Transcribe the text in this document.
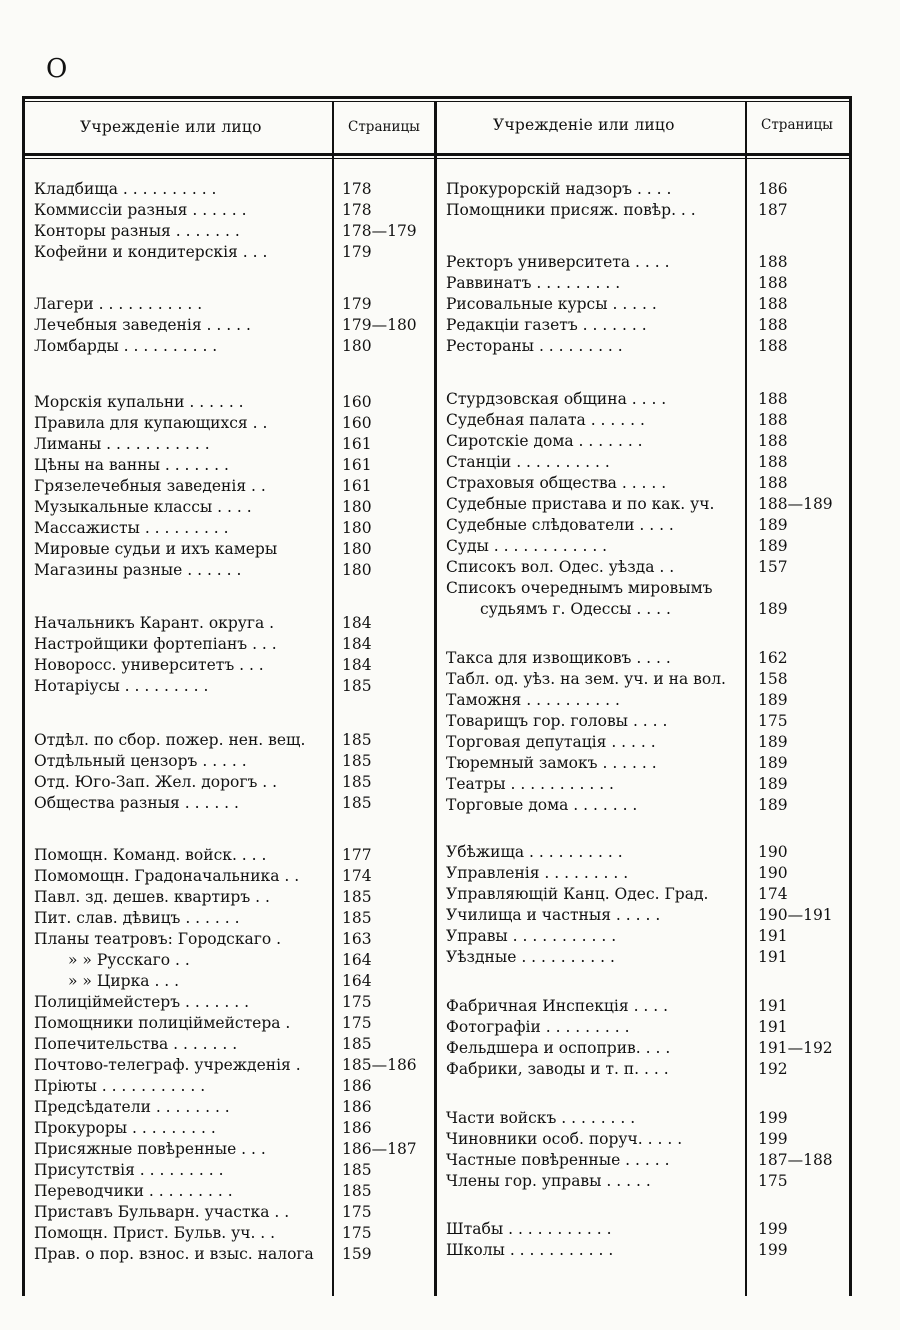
O
Учрежденіе или лицо	Страницы	Учрежденіе или лицо	Страницы
Кладбища . . . . . . . . . .	178
Коммиссіи разныя . . . . . .	178
Конторы разныя . . . . . . .	178—179
Кофейни и кондитерскія . . .	179
Лагери . . . . . . . . . . .	179
Лечебныя заведенія . . . . .	179—180
Ломбарды . . . . . . . . . .	180
Морскія купальни . . . . . .	160
Правила для купающихся . .	160
Лиманы . . . . . . . . . . .	161
Цѣны на ванны . . . . . . .	161
Грязелечебныя заведенія . .	161
Музыкальные классы . . . .	180
Массажисты . . . . . . . . .	180
Мировые судьи и ихъ камеры	180
Магазины разные . . . . . .	180
Начальникъ Карант. округа .	184
Настройщики фортепіанъ . . .	184
Новоросс. университетъ . . .	184
Нотаріусы . . . . . . . . .	185
Отдѣл. по сбор. пожер. нен. вещ.	185
Отдѣльный цензоръ . . . . .	185
Отд. Юго-Зап. Жел. дорогъ . .	185
Общества разныя . . . . . .	185
Помощн. Команд. войск. . . .	177
Помомощн. Градоначальника . .	174
Павл. зд. дешев. квартиръ . .	185
Пит. слав. дѣвицъ . . . . . .	185
Планы театровъ: Городскаго .	163
» » Русскаго . .	164
» » Цирка . . .	164
Полицiймейстеръ . . . . . . .	175
Помощники полицiймейстера .	175
Попечительства . . . . . . .	185
Почтово-телеграф. учрежденія .	185—186
Пріюты . . . . . . . . . . .	186
Предсѣдатели . . . . . . . .	186
Прокуроры . . . . . . . . .	186
Присяжные повѣренные . . .	186—187
Присутствія . . . . . . . . .	185
Переводчики . . . . . . . . .	185
Приставъ Бульварн. участка . .	175
Помощн. Прист. Бульв. уч. . .	175
Прав. о пор. взнос. и взыс. налога	159
Прокурорскій надзоръ . . . .	186
Помощники присяж. повѣр. . .	187
Ректоръ университета . . . .	188
Раввинатъ . . . . . . . . .	188
Рисовальные курсы . . . . .	188
Редакціи газетъ . . . . . . .	188
Рестораны . . . . . . . . .	188
Стурдзовская община . . . .	188
Судебная палата . . . . . .	188
Сиротскіе дома . . . . . . .	188
Станціи . . . . . . . . . .	188
Страховыя общества . . . . .	188
Судебные пристава и по как. уч.	188—189
Судебные слѣдователи . . . .	189
Суды . . . . . . . . . . . .	189
Списокъ вол. Одес. уѣзда . .	157
Списокъ очереднымъ мировымъ
судьямъ г. Одессы . . . .	189
Такса для извощиковъ . . . .	162
Табл. од. уѣз. на зем. уч. и на вол.	158
Таможня . . . . . . . . . .	189
Товарищъ гор. головы . . . .	175
Торговая депутація . . . . .	189
Тюремный замокъ . . . . . .	189
Театры . . . . . . . . . . .	189
Торговые дома . . . . . . .	189
Убѣжища . . . . . . . . . .	190
Управленія . . . . . . . . .	190
Управляющій Канц. Одес. Град.	174
Училища и частныя . . . . .	190—191
Управы . . . . . . . . . . .	191
Уѣздные . . . . . . . . . .	191
Фабричная Инспекція . . . .	191
Фотографіи . . . . . . . . .	191
Фельдшера и оспоприв. . . .	191—192
Фабрики, заводы и т. п. . . .	192
Части войскъ . . . . . . . .	199
Чиновники особ. поруч. . . . .	199
Частные повѣренные . . . . .	187—188
Члены гор. управы . . . . .	175
Штабы . . . . . . . . . . .	199
Школы . . . . . . . . . . .	199
